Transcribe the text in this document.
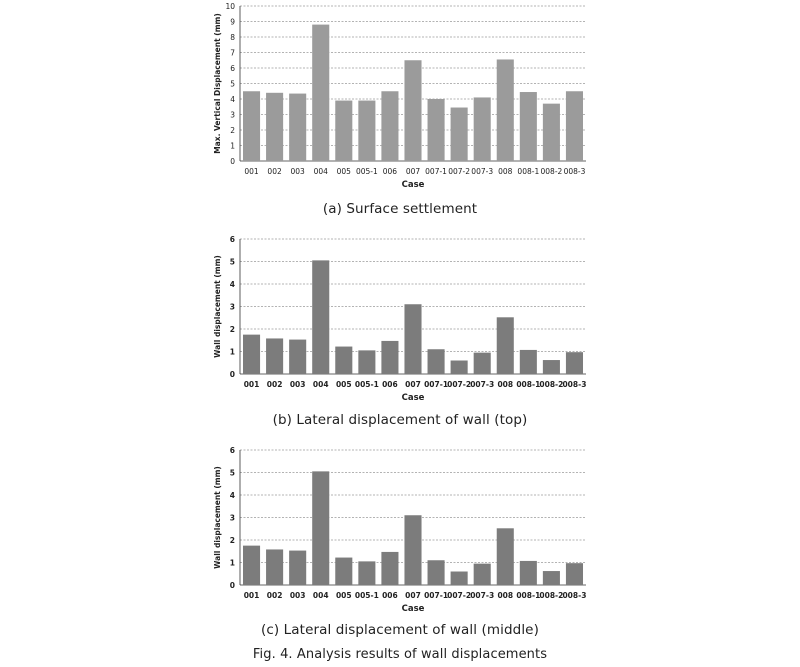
0
1
2
3
4
5
6
7
8
9
10
001 002 003 004 005 005-1 006 007 007-1 007-2 007-3 008 008-1 008-2 008-3
Case
Max. Vertical Displacement (mm)
(a) Surface settlement
0
1
2
3
4
5
6
001 002 003 004 005 005-1 006 007 007-1 007-2 007-3 008 008-1 008-2 008-3
Case
Wall displacement (mm)
(b) Lateral displacement of wall (top)
0
1
2
3
4
5
6
001 002 003 004 005 005-1 006 007 007-1 007-2 007-3 008 008-1 008-2 008-3
Case
Wall displacement (mm)
(c) Lateral displacement of wall (middle)
Fig. 4. Analysis results of wall displacements
